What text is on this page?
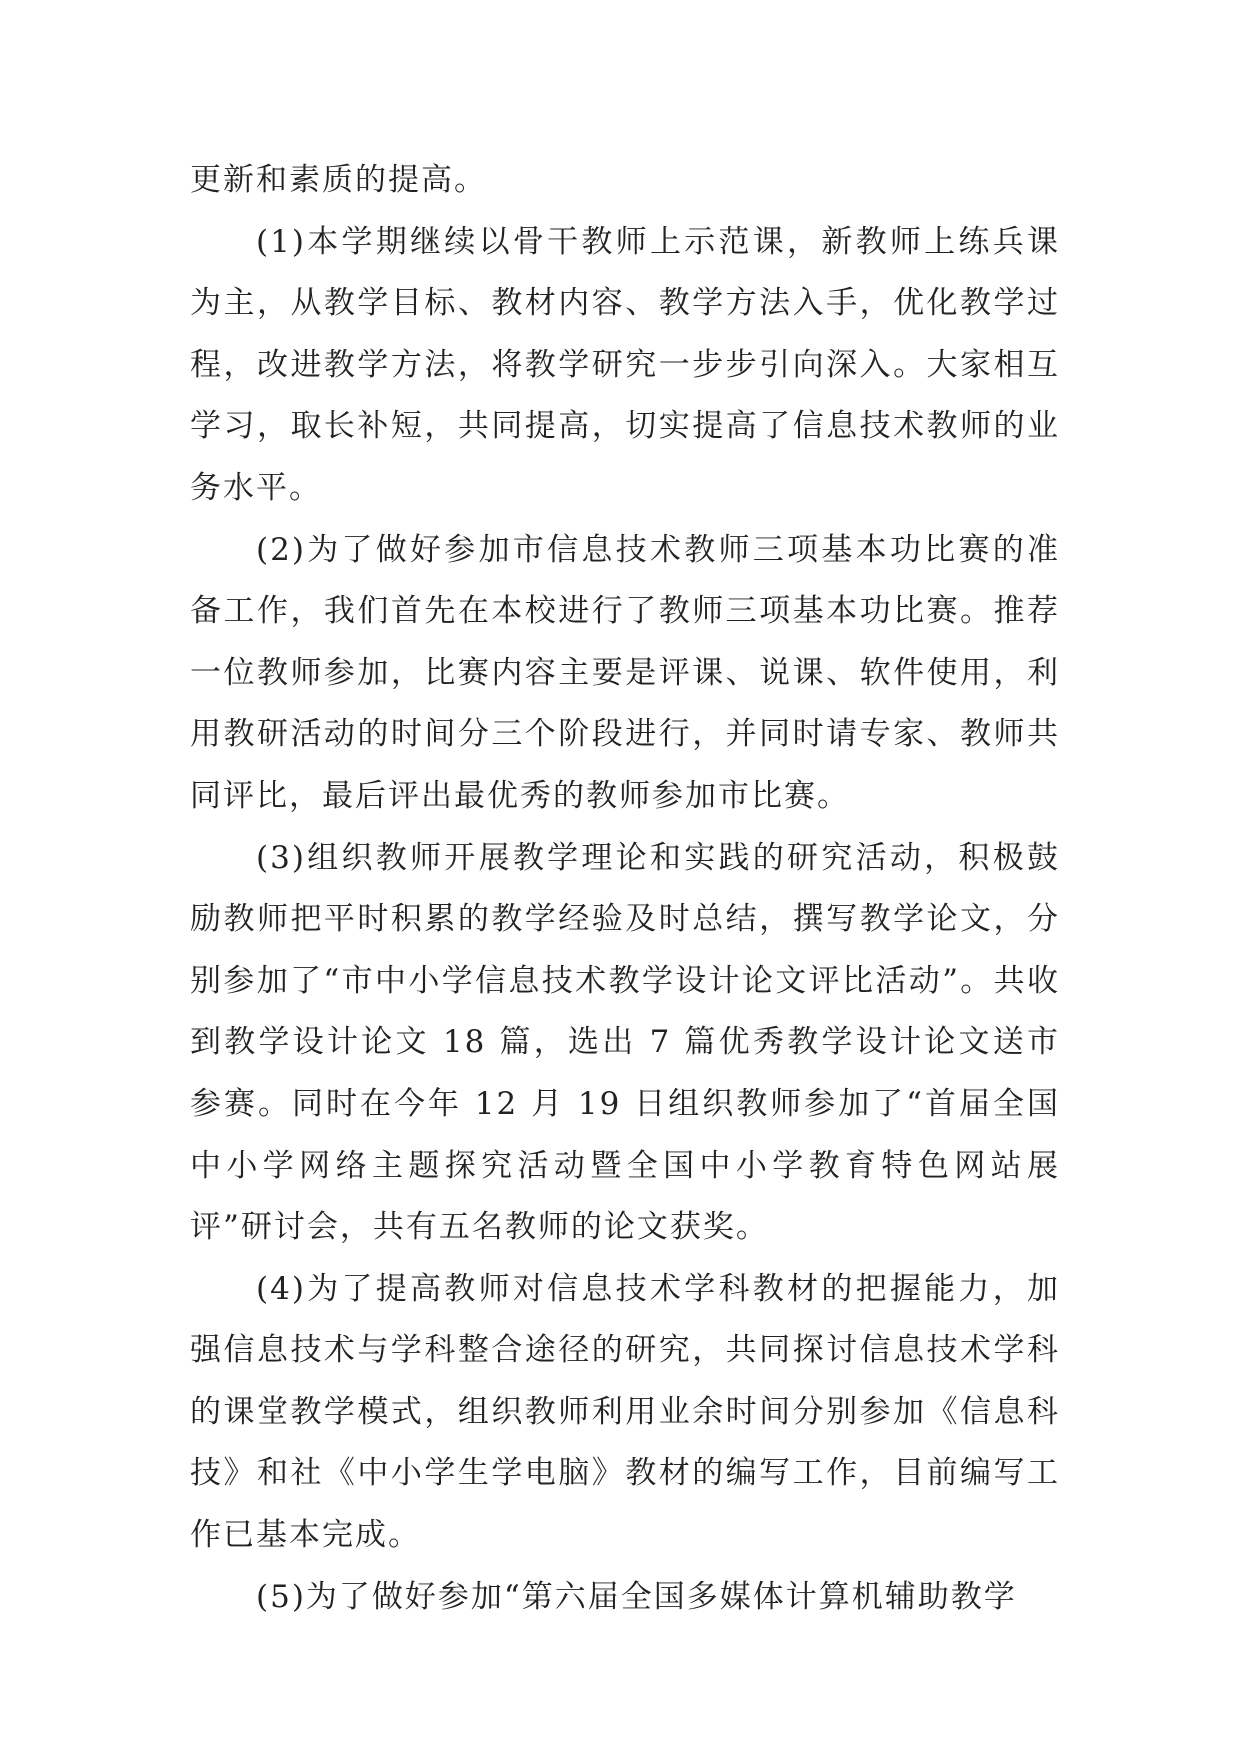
更新和素质的提高。

(1)本学期继续以骨干教师上示范课，新教师上练兵课为主，从教学目标、教材内容、教学方法入手，优化教学过程，改进教学方法，将教学研究一步步引向深入。大家相互学习，取长补短，共同提高，切实提高了信息技术教师的业务水平。

(2)为了做好参加市信息技术教师三项基本功比赛的准备工作，我们首先在本校进行了教师三项基本功比赛。推荐一位教师参加，比赛内容主要是评课、说课、软件使用，利用教研活动的时间分三个阶段进行，并同时请专家、教师共同评比，最后评出最优秀的教师参加市比赛。

(3)组织教师开展教学理论和实践的研究活动，积极鼓励教师把平时积累的教学经验及时总结，撰写教学论文，分别参加了“市中小学信息技术教学设计论文评比活动”。共收到教学设计论文 18 篇，选出 7 篇优秀教学设计论文送市参赛。同时在今年 12 月 19 日组织教师参加了“首届全国中小学网络主题探究活动暨全国中小学教育特色网站展评”研讨会，共有五名教师的论文获奖。

(4)为了提高教师对信息技术学科教材的把握能力，加强信息技术与学科整合途径的研究，共同探讨信息技术学科的课堂教学模式，组织教师利用业余时间分别参加《信息科技》和社《中小学生学电脑》教材的编写工作，目前编写工作已基本完成。

(5)为了做好参加“第六届全国多媒体计算机辅助教学
